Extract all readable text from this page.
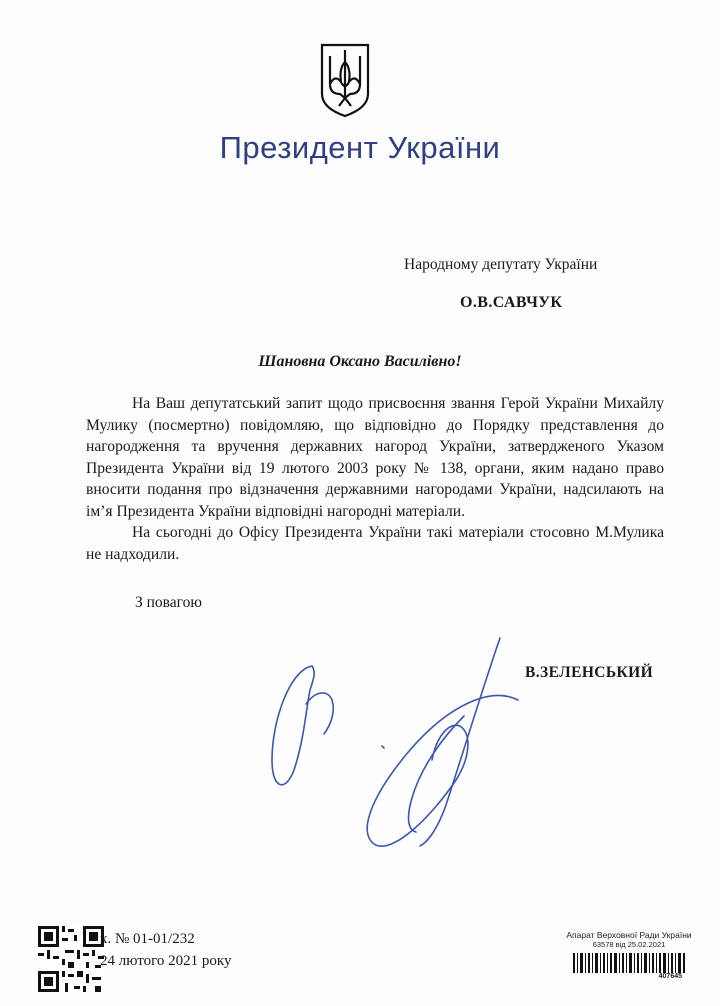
Президент України
Народному депутату України
О.В.САВЧУК
Шановна Оксано Василівно!

На Ваш депутатський запит щодо присвоєння звання Герой України Михайлу Мулику (посмертно) повідомляю, що відповідно до Порядку представлення до нагородження та вручення державних нагород України, затвердженого Указом Президента України від 19 лютого 2003 року № 138, органи, яким надано право вносити подання про відзначення державними нагородами України, надсилають на ім’я Президента України відповідні нагородні матеріали.

На сьогодні до Офісу Президента України такі матеріали стосовно М.Мулика не надходили.

З повагою
В.ЗЕЛЕНСЬКИЙ
х. № 01-01/232
24 лютого 2021 року
Апарат Верховної Ради України
63578 від 25.02.2021
407645
